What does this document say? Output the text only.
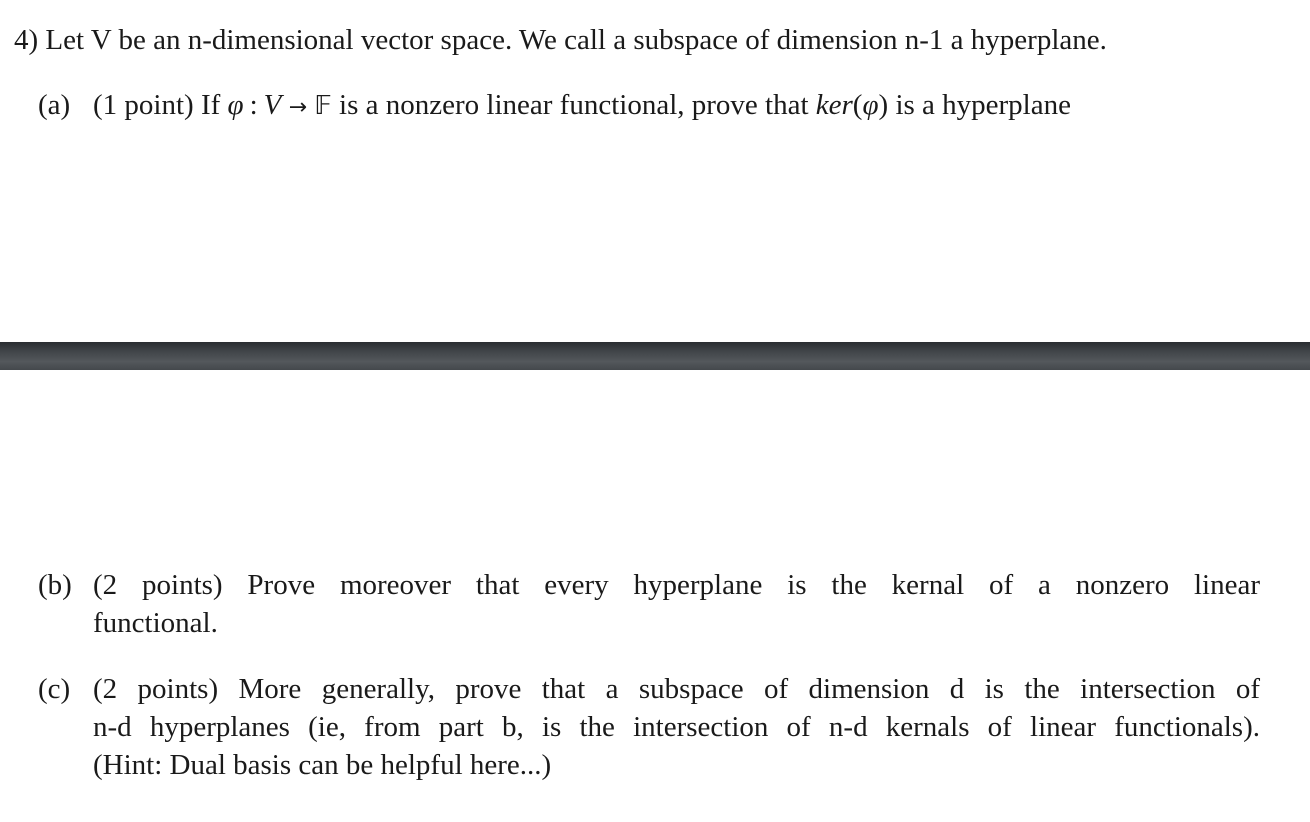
4) Let V be an n-dimensional vector space. We call a subspace of dimension n-1 a hyperplane.
(a) (1 point) If φ : V → 𝔽 is a nonzero linear functional, prove that ker(φ) is a hyperplane
(b) (2 points) Prove moreover that every hyperplane is the kernal of a nonzero linear
functional.
(c) (2 points) More generally, prove that a subspace of dimension d is the intersection of
n-d hyperplanes (ie, from part b, is the intersection of n-d kernals of linear functionals).
(Hint: Dual basis can be helpful here...)
